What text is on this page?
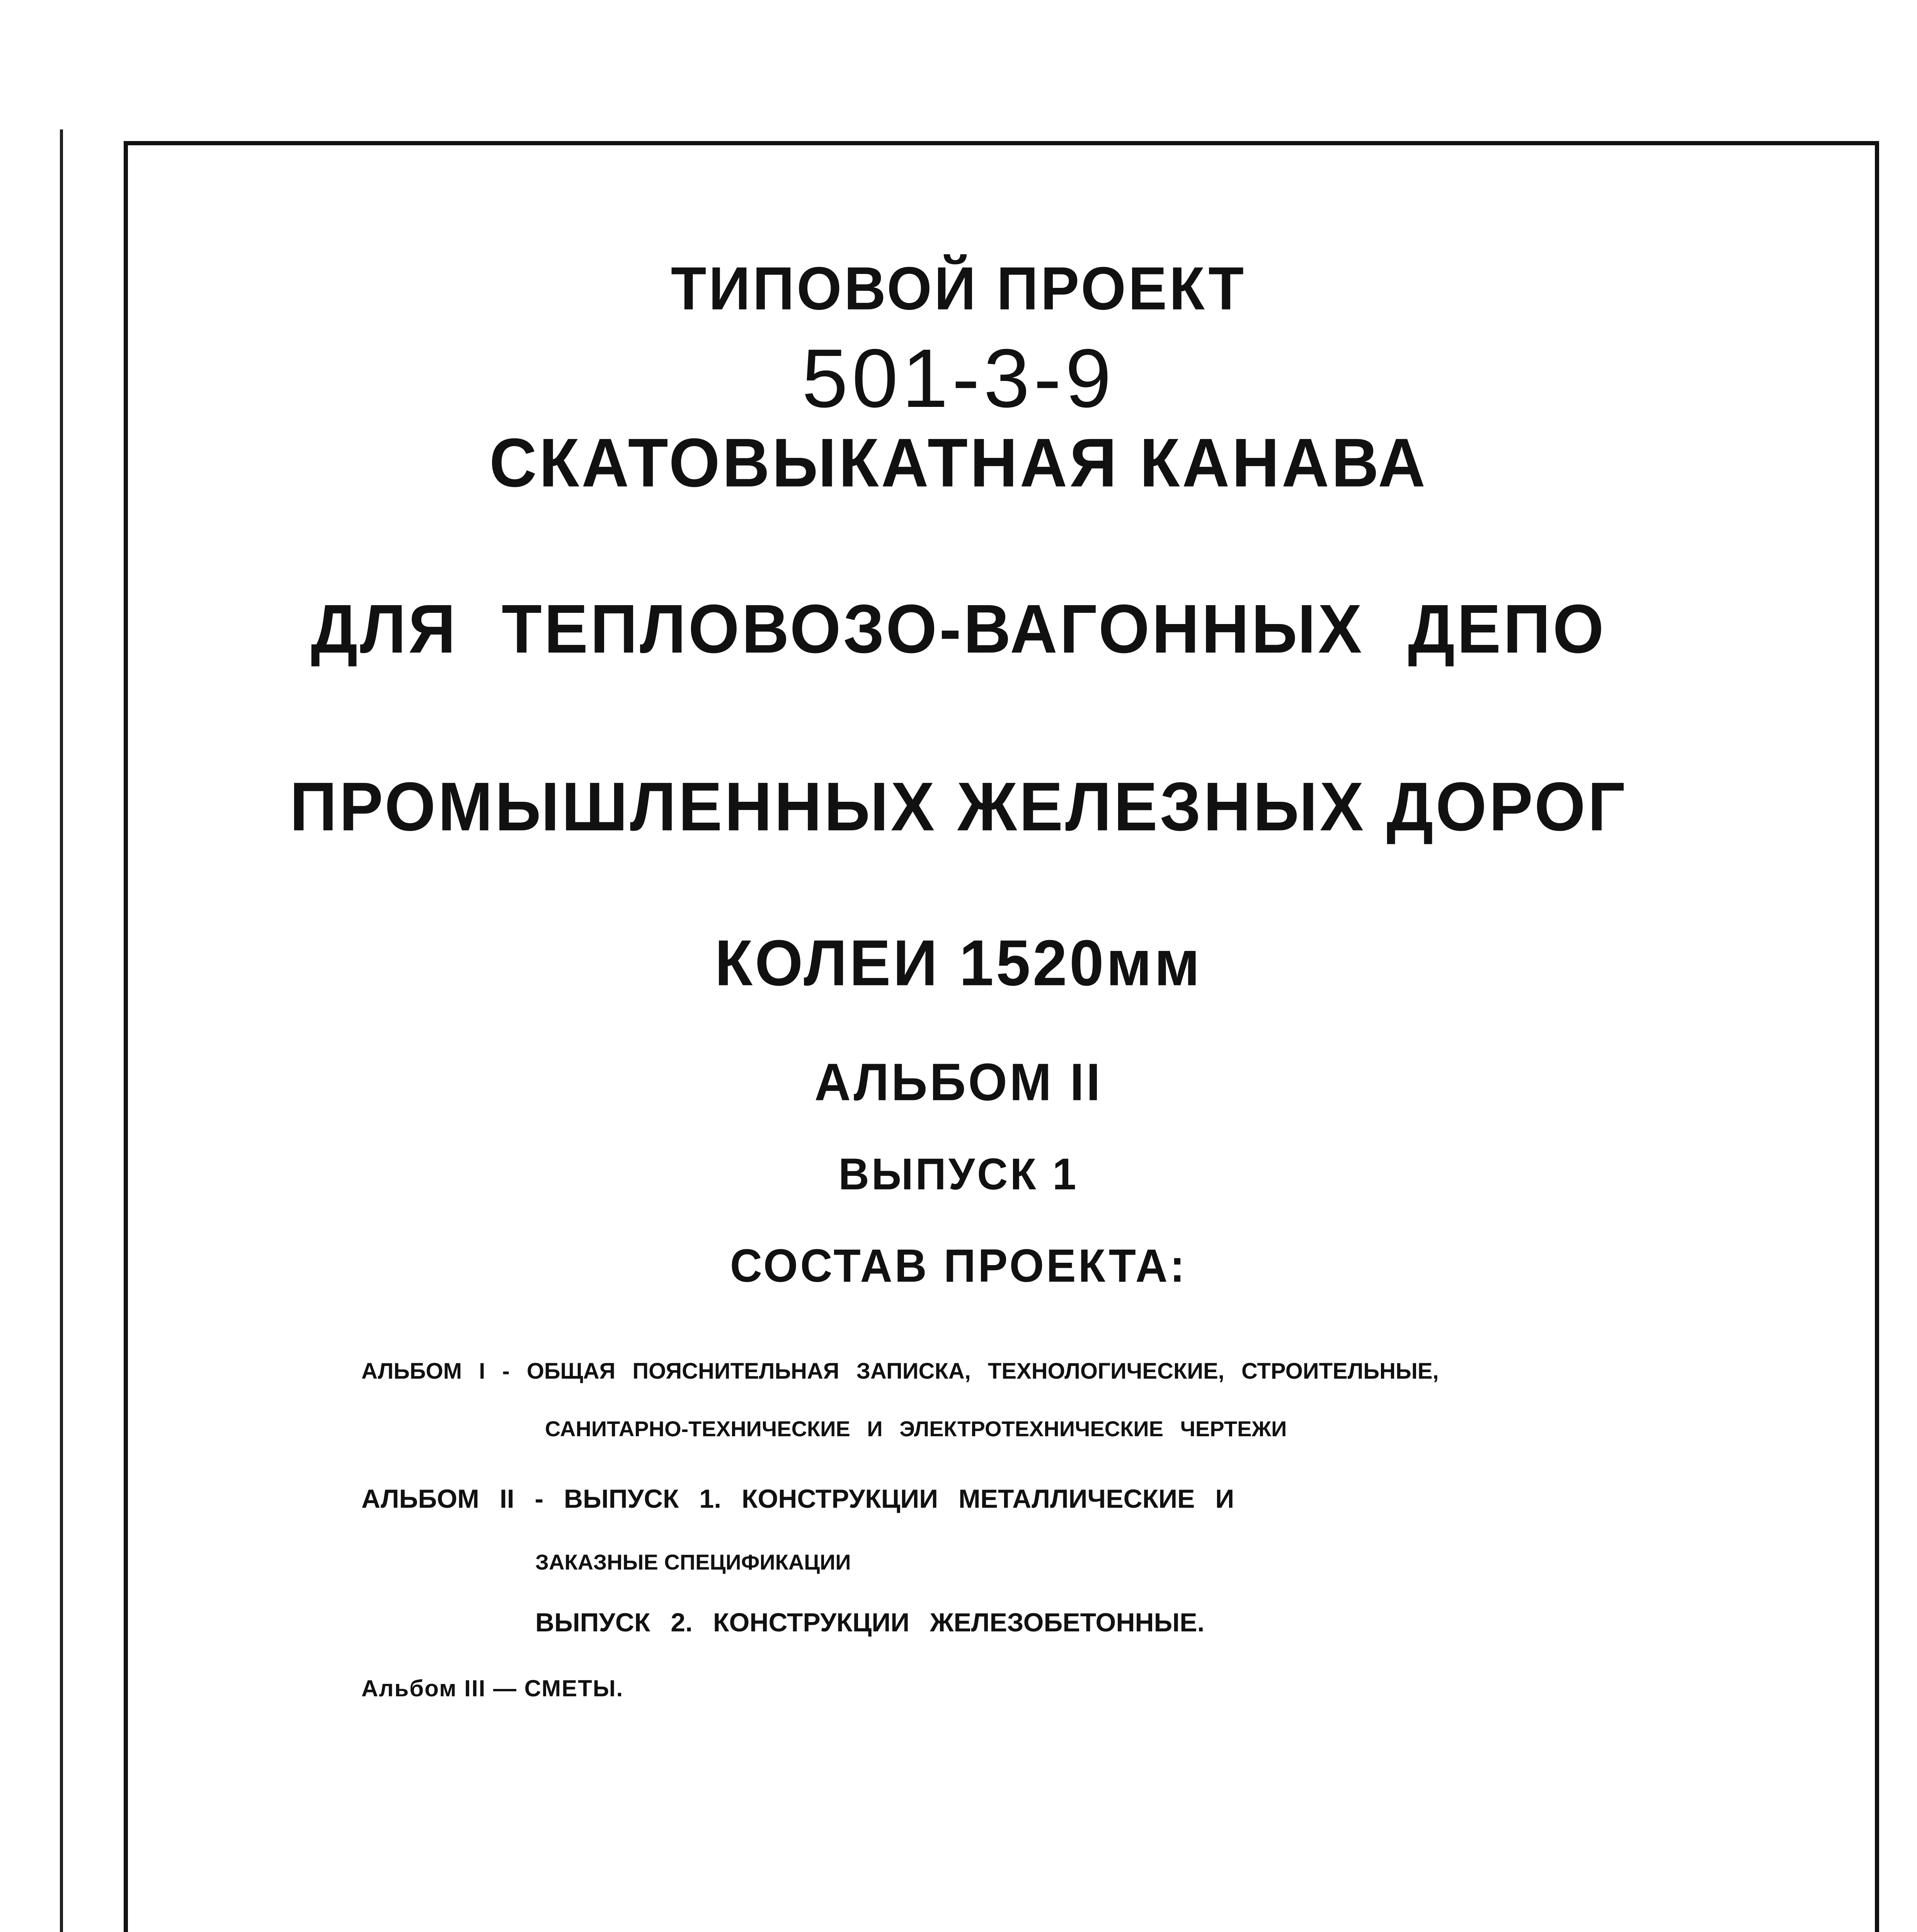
ТИПОВОЙ ПРОЕКТ
501-3-9
СКАТОВЫКАТНАЯ КАНАВА
ДЛЯ ТЕПЛОВОЗО-ВАГОННЫХ ДЕПО
ПРОМЫШЛЕННЫХ ЖЕЛЕЗНЫХ ДОРОГ
КОЛЕИ 1520мм
АЛЬБОМ II
ВЫПУСК 1
СОСТАВ ПРОЕКТА:
АЛЬБОМ I - ОБЩАЯ ПОЯСНИТЕЛЬНАЯ ЗАПИСКА, ТЕХНОЛОГИЧЕСКИЕ, СТРОИТЕЛЬНЫЕ,
САНИТАРНО-ТЕХНИЧЕСКИЕ И ЭЛЕКТРОТЕХНИЧЕСКИЕ ЧЕРТЕЖИ
АЛЬБОМ II - ВЫПУСК 1. КОНСТРУКЦИИ МЕТАЛЛИЧЕСКИЕ И
ЗАКАЗНЫЕ СПЕЦИФИКАЦИИ
ВЫПУСК 2. КОНСТРУКЦИИ ЖЕЛЕЗОБЕТОННЫЕ.
Альбом III — СМЕТЫ.
